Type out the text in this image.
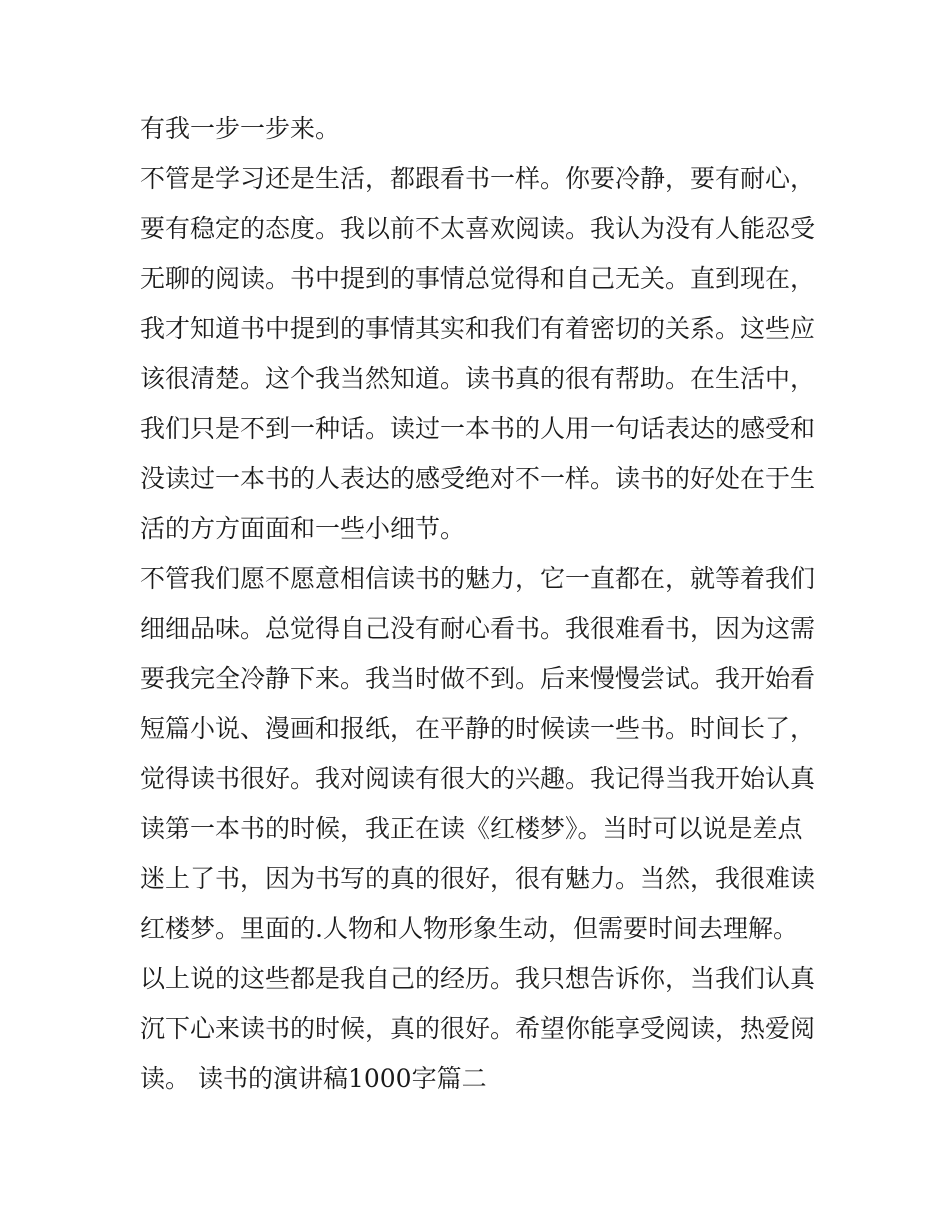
有我一步一步来。
不管是学习还是生活，都跟看书一样。你要冷静，要有耐心，
要有稳定的态度。我以前不太喜欢阅读。我认为没有人能忍受
无聊的阅读。书中提到的事情总觉得和自己无关。直到现在，
我才知道书中提到的事情其实和我们有着密切的关系。这些应
该很清楚。这个我当然知道。读书真的很有帮助。在生活中，
我们只是不到一种话。读过一本书的人用一句话表达的感受和
没读过一本书的人表达的感受绝对不一样。读书的好处在于生
活的方方面面和一些小细节。
不管我们愿不愿意相信读书的魅力，它一直都在，就等着我们
细细品味。总觉得自己没有耐心看书。我很难看书，因为这需
要我完全冷静下来。我当时做不到。后来慢慢尝试。我开始看
短篇小说、漫画和报纸，在平静的时候读一些书。时间长了，
觉得读书很好。我对阅读有很大的兴趣。我记得当我开始认真
读第一本书的时候，我正在读《红楼梦》。当时可以说是差点
迷上了书，因为书写的真的很好，很有魅力。当然，我很难读
红楼梦。里面的.人物和人物形象生动，但需要时间去理解。
以上说的这些都是我自己的经历。我只想告诉你，当我们认真
沉下心来读书的时候，真的很好。希望你能享受阅读，热爱阅
读。 读书的演讲稿1000字篇二
